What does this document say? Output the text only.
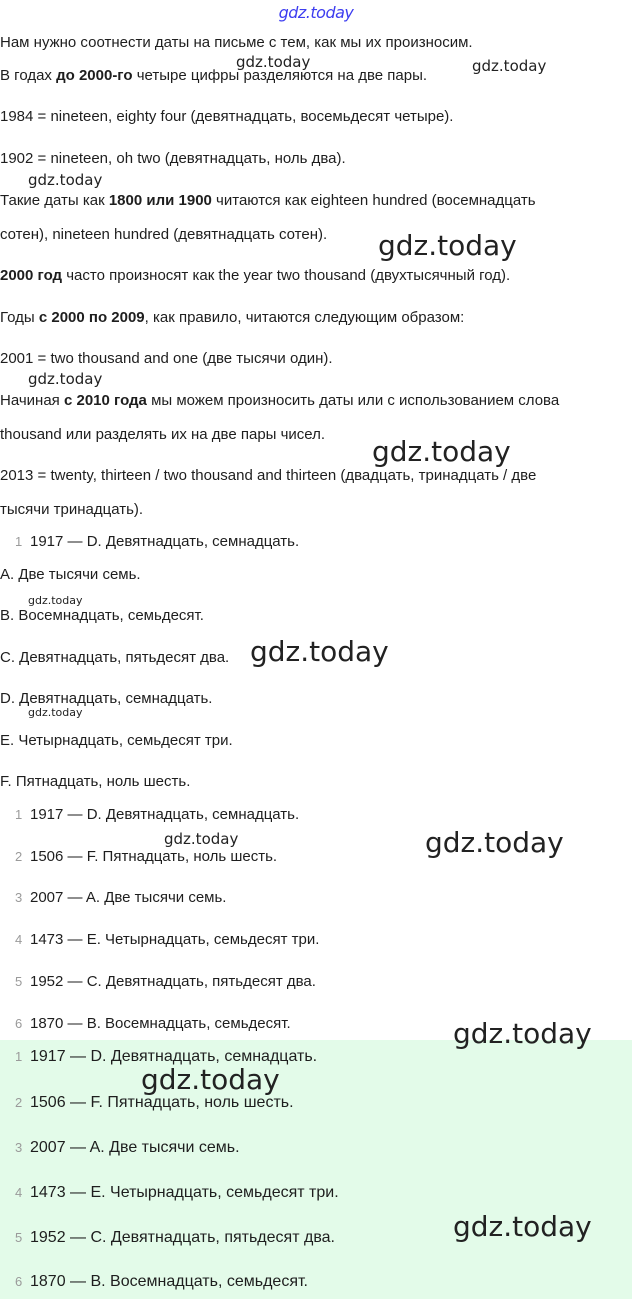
gdz.today

Нам нужно соотнести даты на письме с тем, как мы их произносим.

В годах до 2000-го четыре цифры разделяются на две пары.

1984 = nineteen, eighty four (девятнадцать, восемьдесят четыре).

1902 = nineteen, oh two (девятнадцать, ноль два).

Такие даты как 1800 или 1900 читаются как eighteen hundred (восемнадцать

сотен), nineteen hundred (девятнадцать сотен).

2000 год часто произносят как the year two thousand (двухтысячный год).

Годы с 2000 по 2009, как правило, читаются следующим образом:

2001 = two thousand and one (две тысячи один).

Начиная с 2010 года мы можем произносить даты или с использованием слова

thousand или разделять их на две пары чисел.

2013 = twenty, thirteen / two thousand and thirteen (двадцать, тринадцать / две

тысячи тринадцать).

1 1917 — D. Девятнадцать, семнадцать.

A. Две тысячи семь.

B. Восемнадцать, семьдесят.

C. Девятнадцать, пятьдесят два.

D. Девятнадцать, семнадцать.

E. Четырнадцать, семьдесят три.

F. Пятнадцать, ноль шесть.

1 1917 — D. Девятнадцать, семнадцать.

2 1506 — F. Пятнадцать, ноль шесть.

3 2007 — A. Две тысячи семь.

4 1473 — E. Четырнадцать, семьдесят три.

5 1952 — C. Девятнадцать, пятьдесят два.

6 1870 — B. Восемнадцать, семьдесят.

1 1917 — D. Девятнадцать, семнадцать.

2 1506 — F. Пятнадцать, ноль шесть.

3 2007 — A. Две тысячи семь.

4 1473 — E. Четырнадцать, семьдесят три.

5 1952 — C. Девятнадцать, пятьдесят два.

6 1870 — B. Восемнадцать, семьдесят.

gdz.today	gdz.today
gdz.today
gdz.today
gdz.today
gdz.today
gdz.today
gdz.today
gdz.today
gdz.today	gdz.today
gdz.today
gdz.today
gdz.today
